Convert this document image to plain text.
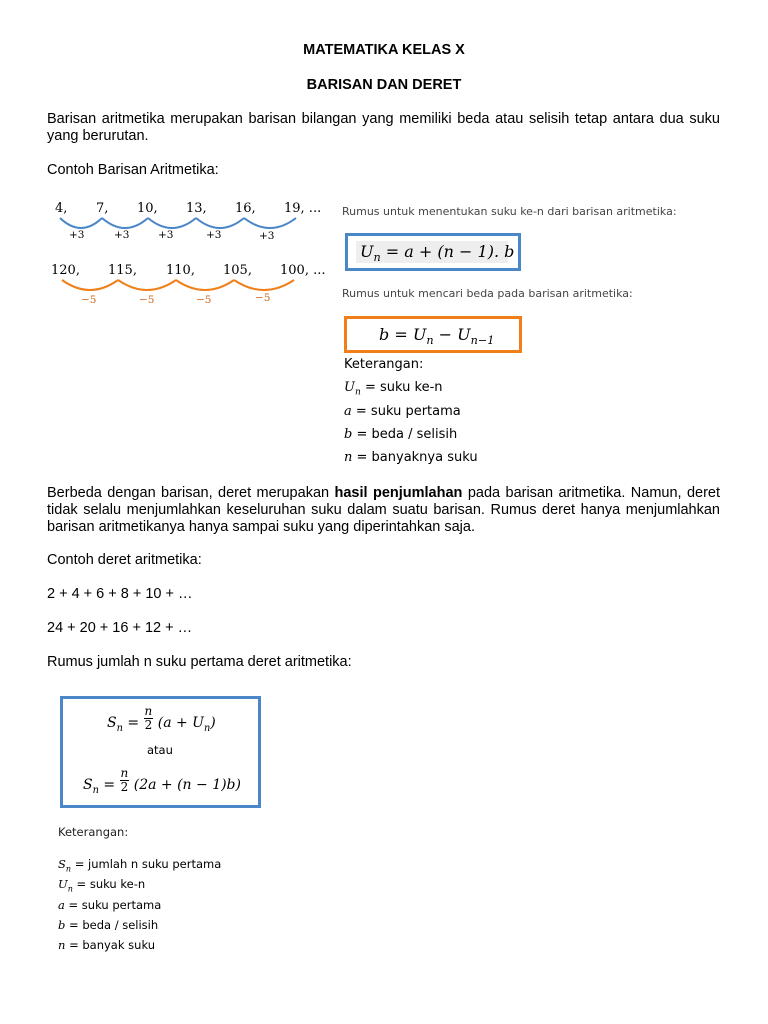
MATEMATIKA KELAS X
BARISAN DAN DERET
Barisan aritmetika merupakan barisan bilangan yang memiliki beda atau selisih tetap antara dua suku yang berurutan.
Contoh Barisan Aritmetika:
4, 7, 10, 13, 16, 19, ...
+3	+3	+3	+3	+3
120, 115, 110, 105, 100, ...
−5	−5	−5	−5
Rumus untuk menentukan suku ke-n dari barisan aritmetika:
$U_n = a + (n - 1)$. b
Rumus untuk mencari beda pada barisan aritmetika:
$b = U_n - U_{n-1}$
Keterangan:
$U_n$ = suku ke-n
a = suku pertama
b = beda / selisih
n = banyaknya suku
Berbeda dengan barisan, deret merupakan hasil penjumlahan pada barisan aritmetika. Namun, deret tidak selalu menjumlahkan keseluruhan suku dalam suatu barisan. Rumus deret hanya menjumlahkan barisan aritmetikanya hanya sampai suku yang diperintahkan saja.
Contoh deret aritmetika:
2 + 4 + 6 + 8 + 10 + …
24 + 20 + 16 + 12 + …
Rumus jumlah n suku pertama deret aritmetika:
$S_n = \frac{n}{2} (a + U_n)$
atau
$S_n = \frac{n}{2} (2a + (n - 1)b)$
Keterangan:
$S_n$ = jumlah n suku pertama
$U_n$ = suku ke-n
a = suku pertama
b = beda / selisih
n = banyak suku
